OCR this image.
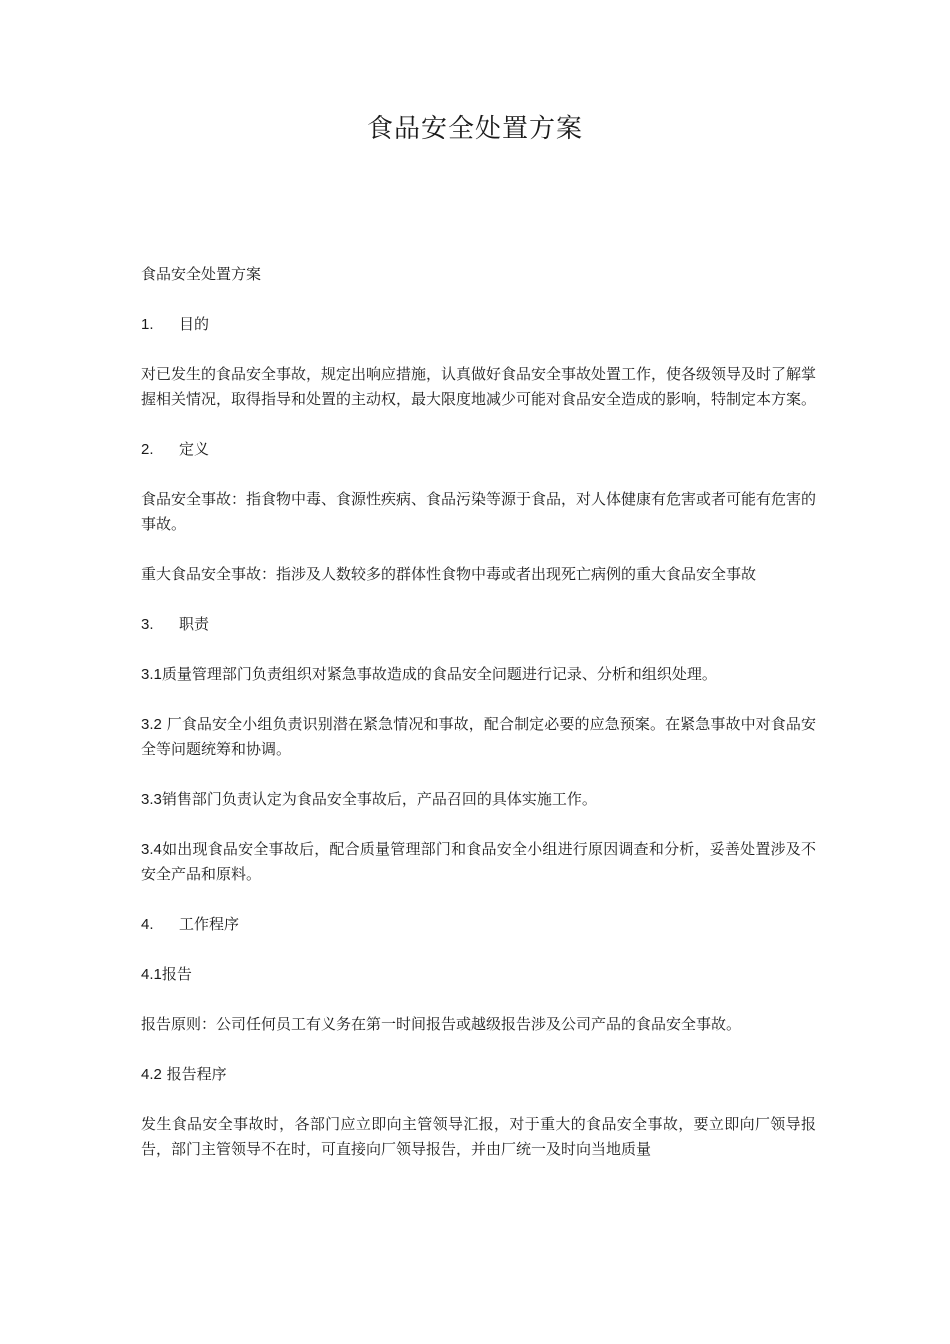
食品安全处置方案

食品安全处置方案

1.	目的

对已发生的食品安全事故，规定出响应措施，认真做好食品安全事故处置工作，使各级领导及时了解掌握相关情况，取得指导和处置的主动权，最大限度地减少可能对食品安全造成的影响，特制定本方案。

2.	定义

食品安全事故：指食物中毒、食源性疾病、食品污染等源于食品，对人体健康有危害或者可能有危害的事故。

重大食品安全事故：指涉及人数较多的群体性食物中毒或者出现死亡病例的重大食品安全事故

3.	职责

3.1质量管理部门负责组织对紧急事故造成的食品安全问题进行记录、分析和组织处理。

3.2 厂食品安全小组负责识别潜在紧急情况和事故，配合制定必要的应急预案。在紧急事故中对食品安全等问题统筹和协调。

3.3销售部门负责认定为食品安全事故后，产品召回的具体实施工作。

3.4如出现食品安全事故后，配合质量管理部门和食品安全小组进行原因调查和分析，妥善处置涉及不安全产品和原料。

4.	工作程序

4.1报告

报告原则：公司任何员工有义务在第一时间报告或越级报告涉及公司产品的食品安全事故。

4.2 报告程序

发生食品安全事故时，各部门应立即向主管领导汇报，对于重大的食品安全事故，要立即向厂领导报告，部门主管领导不在时，可直接向厂领导报告，并由厂统一及时向当地质量
